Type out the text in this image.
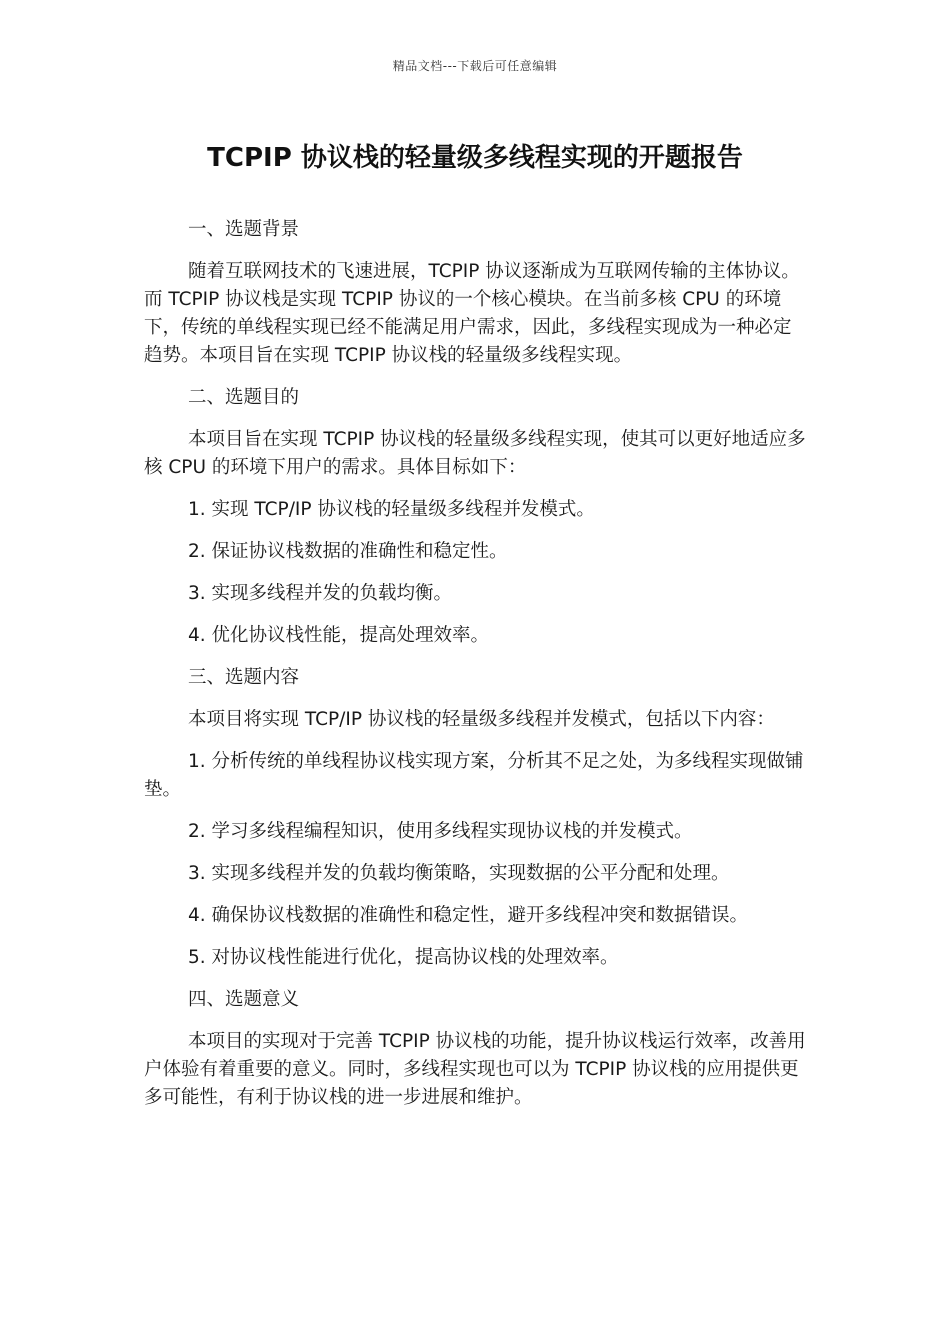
精品文档---下载后可任意编辑
TCPIP 协议栈的轻量级多线程实现的开题报告

一、选题背景

随着互联网技术的飞速进展，TCPIP 协议逐渐成为互联网传输的主体协议。而 TCPIP 协议栈是实现 TCPIP 协议的一个核心模块。在当前多核 CPU 的环境下，传统的单线程实现已经不能满足用户需求，因此，多线程实现成为一种必定趋势。本项目旨在实现 TCPIP 协议栈的轻量级多线程实现。

二、选题目的

本项目旨在实现 TCPIP 协议栈的轻量级多线程实现，使其可以更好地适应多核 CPU 的环境下用户的需求。具体目标如下：

1. 实现 TCP/IP 协议栈的轻量级多线程并发模式。

2. 保证协议栈数据的准确性和稳定性。

3. 实现多线程并发的负载均衡。

4. 优化协议栈性能，提高处理效率。

三、选题内容

本项目将实现 TCP/IP 协议栈的轻量级多线程并发模式，包括以下内容：

1. 分析传统的单线程协议栈实现方案，分析其不足之处，为多线程实现做铺垫。

2. 学习多线程编程知识，使用多线程实现协议栈的并发模式。

3. 实现多线程并发的负载均衡策略，实现数据的公平分配和处理。

4. 确保协议栈数据的准确性和稳定性，避开多线程冲突和数据错误。

5. 对协议栈性能进行优化，提高协议栈的处理效率。

四、选题意义

本项目的实现对于完善 TCPIP 协议栈的功能，提升协议栈运行效率，改善用户体验有着重要的意义。同时，多线程实现也可以为 TCPIP 协议栈的应用提供更多可能性，有利于协议栈的进一步进展和维护。
